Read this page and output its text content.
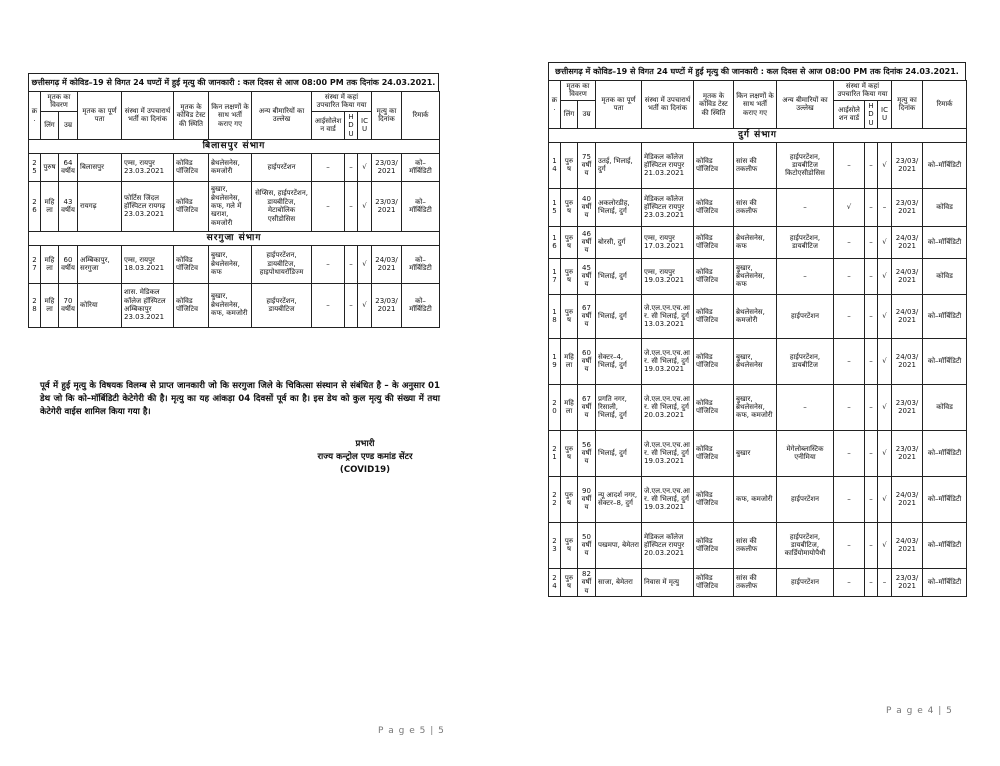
छत्तीसगढ़ में कोविड–19 से विगत 24 घण्टों में हुई मृत्यु की जानकारी : कल दिवस से आज 08:00 PM तक दिनांक 24.03.2021.
क्र.	मृतक का विवरण		मृतक का पूर्ण पता	संस्था में उपचारार्थ भर्ती का दिनांक	मृतक के कोविड टेस्ट की स्थिति	किन लक्षणों के साथ भर्ती कराए गए	अन्य बीमारियों का उल्लेख	संस्था में कहां उपचारित किया गया			मृत्यु का दिनांक	रिमार्क
	लिंग	उम्र						आईसोलेशन वार्ड	HDU	ICU		
बिलासपुर संभाग												
25	पुरुष	64 वर्षीय	बिलासपुर	एम्स, रायपुर 23.03.2021	कोविड पॉजिटिव	ब्रेथलेसनेस, कमजोरी	हाईपरटेंशन	–	–	√	23/03/2021	को–मॉर्बिडिटी
26	महिला	43 वर्षीय	रायगढ़	फोर्टिस जिंदल हॉस्पिटल रायगढ़ 23.03.2021	कोविड पॉजिटिव	बुखार, ब्रेथलेसनेस, कफ, गले में खराश, कमजोरी	सेप्सिस, हाईपरटेंशन, डायबीटिज, मेटाबोलिक एसीडोसिस	–	–	√	23/03/2021	को–मॉर्बिडिटी
सरगुजा संभाग												
27	महिला	60 वर्षीय	अम्बिकापुर, सरगुजा	एम्स, रायपुर 18.03.2021	कोविड पॉजिटिव	बुखार, ब्रेथलेसनेस, कफ	हाईपरटेंशन, डायबीटिज, हाइपोथायरॉडिज्म	–	–	√	24/03/2021	को–मॉर्बिडिटी
28	महिला	70 वर्षीय	कोरिया	शास. मेडिकल कॉलेज हॉस्पिटल अम्बिकापुर 23.03.2021	कोविड पॉजिटिव	बुखार, ब्रेथलेसनेस, कफ, कमजोरी	हाईपरटेंशन, डायबीटिज	–	–	√	23/03/2021	को–मॉर्बिडिटी
पूर्व में हुई मृत्यु के विषयक विलम्ब से प्राप्त जानकारी जो कि सरगुजा जिले के चिकित्सा संस्थान से संबंधित है – के अनुसार 01 डेथ जो कि को–मॉर्बिडिटी केटेगेरी की है। मृत्यु का यह आंकड़ा 04 दिवसों पूर्व का है। इस डेथ को कुल मृत्यु की संख्या में तथा केटेगेरी वाईस शामिल किया गया है।
प्रभारी
राज्य कन्ट्रोल एण्ड कमांड सेंटर
(COVID19)
P a g e 5 | 5
छत्तीसगढ़ में कोविड–19 से विगत 24 घण्टों में हुई मृत्यु की जानकारी : कल दिवस से आज 08:00 PM तक दिनांक 24.03.2021.
क्र.	मृतक का विवरण		मृतक का पूर्ण पता	संस्था में उपचारार्थ भर्ती का दिनांक	मृतक के कोविड टेस्ट की स्थिति	किन लक्षणों के साथ भर्ती कराए गए	अन्य बीमारियों का उल्लेख	संस्था में कहां उपचारित किया गया			मृत्यु का दिनांक	रिमार्क
	लिंग	उम्र						आईसोलेशन वार्ड	HDU	ICU		
दुर्ग संभाग												
14	पुरुष	75 वर्षीय	उतई, भिलाई, दुर्ग	मेडिकल कॉलेज हॉस्पिटल रायपुर 21.03.2021	कोविड पॉजिटिव	सांस की तकलीफ	हाईपरटेंशन, डायबीटिज किटोएसीडोसिस	–	–	√	23/03/2021	को–मॉर्बिडिटी
15	पुरुष	40 वर्षीय	अकलोरडीह, भिलाई, दुर्ग	मेडिकल कॉलेज हॉस्पिटल रायपुर 23.03.2021	कोविड पॉजिटिव	सांस की तकलीफ	–	√	–	–	23/03/2021	कोविड
16	पुरुष	46 वर्षीय	बोरसी, दुर्ग	एम्स, रायपुर 17.03.2021	कोविड पॉजिटिव	ब्रेथलेसनेस, कफ	हाईपरटेंशन, डायबीटिज	–	–	√	24/03/2021	को–मॉर्बिडिटी
17	पुरुष	45 वर्षीय	भिलाई, दुर्ग	एम्स, रायपुर 19.03.2021	कोविड पॉजिटिव	बुखार, ब्रेथलेसनेस, कफ	–	–	–	√	24/03/2021	कोविड
18	पुरुष	67 वर्षीय	भिलाई, दुर्ग	जे.एल.एन.एच.आर. सी भिलाई, दुर्ग 13.03.2021	कोविड पॉजिटिव	ब्रेथलेसनेस, कमजोरी	हाईपरटेंशन	–	–	√	24/03/2021	को–मॉर्बिडिटी
19	महिला	60 वर्षीय	सेक्टर–4, भिलाई, दुर्ग	जे.एल.एन.एच.आर. सी भिलाई, दुर्ग 19.03.2021	कोविड पॉजिटिव	बुखार, ब्रेथलेसनेस	हाईपरटेंशन, डायबीटिज	–	–	√	24/03/2021	को–मॉर्बिडिटी
20	महिला	67 वर्षीय	प्रगति नगर, रिसाली, भिलाई, दुर्ग	जे.एल.एन.एच.आर. सी भिलाई, दुर्ग 20.03.2021	कोविड पॉजिटिव	बुखार, ब्रेथलेसनेस, कफ, कमजोरी	–	–	–	√	23/03/2021	कोविड
21	पुरुष	56 वर्षीय	भिलाई, दुर्ग	जे.एल.एन.एच.आर. सी भिलाई, दुर्ग 19.03.2021	कोविड पॉजिटिव	बुखार	मेगेलोब्लास्टिक एनीमिया	–	–	√	23/03/2021	को–मॉर्बिडिटी
22	पुरुष	90 वर्षीय	न्यू आदर्श नगर, सेक्टर–8, दुर्ग	जे.एल.एन.एच.आर. सी भिलाई, दुर्ग 19.03.2021	कोविड पॉजिटिव	कफ, कमजोरी	हाईपरटेंशन	–	–	√	24/03/2021	को–मॉर्बिडिटी
23	पुरुष	50 वर्षीय	पखमपा, बेमेतरा	मेडिकल कॉलेज हॉस्पिटल रायपुर 20.03.2021	कोविड पॉजिटिव	सांस की तकलीफ	हाईपरटेंशन, डायबीटिज, कार्डियोमायोपैथी	–	–	√	24/03/2021	को–मॉर्बिडिटी
24	पुरुष	82 वर्षीय	साजा, बेमेतरा	निवास में मृत्यु	कोविड पॉजिटिव	सांस की तकलीफ	हाईपरटेंशन	–	–	–	23/03/2021	को–मॉर्बिडिटी
P a g e 4 | 5
